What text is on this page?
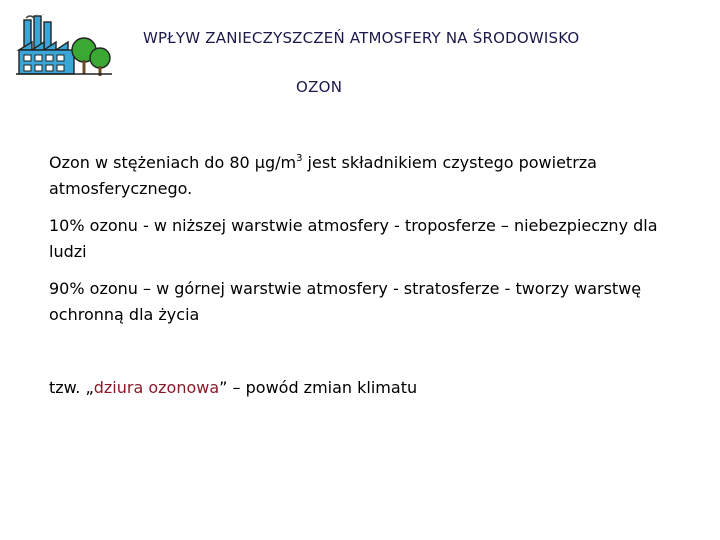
WPŁYW ZANIECZYSZCZEŃ ATMOSFERY NA ŚRODOWISKO
OZON

Ozon w stężeniach do 80 $\mu g/m^3$ jest składnikiem czystego powietrza atmosferycznego.

10% ozonu - w niższej warstwie atmosfery - troposferze – niebezpieczny dla ludzi

90% ozonu – w górnej warstwie atmosfery - stratosferze - tworzy warstwę ochronną dla życia

tzw. „dziura ozonowa” – powód zmian klimatu
